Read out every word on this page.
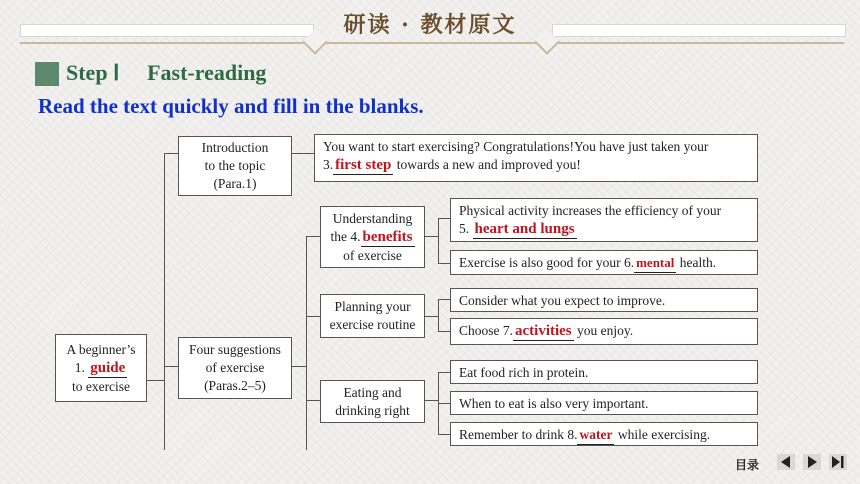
研读 · 教材原文
Step Ⅰ Fast-reading
Read the text quickly and fill in the blanks.
A beginner’s
1. guide
to exercise
Introduction
to the topic
(Para.1)
Four suggestions
of exercise
(Paras.2–5)
You want to start exercising? Congratulations!You have just taken your
3. first step towards a new and improved you!
Understanding
the 4. benefits
of exercise
Planning your
exercise routine
Eating and
drinking right
Physical activity increases the efficiency of your
5. heart and lungs
Exercise is also good for your 6. mental health.
Consider what you expect to improve.
Choose 7. activities you enjoy.
Eat food rich in protein.
When to eat is also very important.
Remember to drink 8. water while exercising.
目录
